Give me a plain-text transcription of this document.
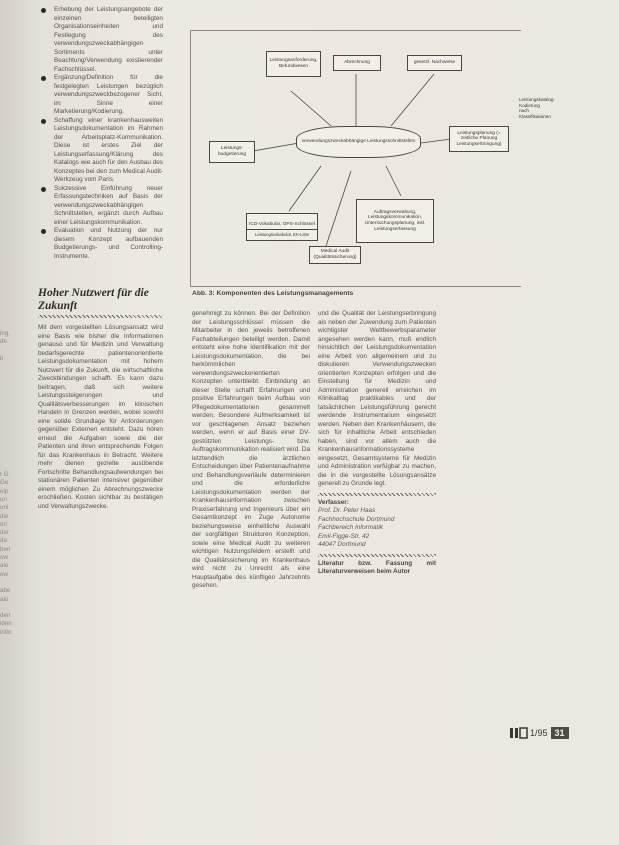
ing,
de

it

r G
Ge
eip
un
uni
die
ori
der
da
ben
ow
ale
ew

abe
aki

den
iden
intlo
Erhebung der Leistungsangebote der einzelnen beteiligten Organisationseinheiten und Festlegung des verwendungszweckabhängigen Sortiments unter Beachtung/Verwendung existierender Fachschlüssel.
Ergänzung/Definition für die festgelegten Leistungen bezüglich verwendungszweckbezogener Sicht, im Sinne einer Marketierung/Kodierung.
Schaffung einer krankenhausweiten Leistungsdokumentation im Rahmen der Arbeitsplatz-Kommunikation. Diese ist erstes Ziel der Leistungserfassung/Klärung des Katalogs wie auch für den Ausbau des Konzeptes bei den zum Medical Audit-Werkzeug vom Paris.
Sukzessive Einführung neuer Erfassungstechniken auf Basis der verwendungszweckabhängigen Schnittstellen, ergänzt durch Aufbau einer Leistungskommunikation.
Evaluation und Nutzung der nur diesem Konzept aufbauenden Budgetierungs- und Controlling-Instrumente.
Hoher Nutzwert für die Zukunft

Mit dem vorgestellten Lösungsansatz wird eine Basis wie bisher die Informationen genauso und für Medizin und Verwaltung bedarfsgerechte patientenorientierte Leistungsdokumentation mit hohem Nutzwert für die Zukunft, die wirtschaftliche Zweckbindungen schafft. Es kann dazu beitragen, daß sich weitere Leistungssteigerungen und Qualitätsverbesserungen im klinischen Handeln in Grenzen werden, wobei sowohl eine solide Grundlage für Anforderungen gegenüber Externen entsteht. Dazu hören erneut die Aufgaben sowie die der Patienten und ihren entsprechende Folgen für das Krankenhaus in Betracht. Weitere mehr dienen gezielte ausübende Fortschritte Behandlungsaufwendungen bei stationären Patienten intensiver gegenüber einem möglichen Zu Abrechnungszwecke erschließen. Kosten sichtbar zu bestätigen und Verwaltungszwecke.

Leistungsanforderung, Befundwesen
Abrechnung	gesetzl. Nachweise
verwendungszweckabhängige Leistungsschnittstellen
Leistungs-budgetierung
Leistungsplanung (= zeitliche Planung Leistungserbringung)
ICD-Vokabular, OPS-Schlüssel
Leistungsvokabular, EK-Liste
Auftragsverwaltung, Leistungskommunikation, Untersuchungsplanung, inkl. Leistungserfassung
Medical Audit (Qualitätssicherung)
Leistungskatalog-Kodierung nach Klassifikationen
Abb. 3: Komponenten des Leistungsmanagements

genehmigt zu können. Bei der Definition der Leistungsschlüssel müssen die Mitarbeiter in den jeweils betroffenen Fachabteilungen beteiligt werden. Damit entsteht eine hohe Identifikation mit der Leistungsdokumentation, die bei herkömmlichen verwendungszweckorientierten Konzepten unterbleibt. Einbindung an dieser Stelle schafft Erfahrungen und positive Erfahrungen beim Aufbau von Pflegedokumentationen gesammelt werden. Besondere Aufmerksamkeit ist vor geschlagenen Ansatz beziehen werden, wenn er auf Basis einer DV-gestützten Leistungs- bzw. Auftragskommunikation realisiert wird. Da letztendlich die ärztlichen Entscheidungen über Patientenaufnahme und Behandlungsverläufe determinieren und die erforderliche Leistungsdokumentation werden der Krankenhausinformation zwischen Praxiserfahrung und Ingenieurs über ein Gesamtkonzept im Zuge Autonome beziehungsweise einheitliche Auswahl der sorgfältigen Strukturen Konzeption, sowie eine Medical Audit zu weiteren wichtigen Nutzungsfeldern erstellt und die Qualitätssicherung im Krankenhaus wird nicht zu Unrecht als eine Hauptaufgabe des künftigen Jahrzehnts gesehen.

und die Qualität der Leistungserbringung als neben der Zuwendung zum Patienten wichtigster Wettbewerbsparameter angesehen werden kann, muß endlich hinsichtlich der Leistungsdokumentation eine Arbeit von allgemeinem und zu diskutieren Verwendungszwecken orientierten Konzepten erfolgen und die Einstellung für Medizin und Administration generell erreichen im Klinikalltag praktikables und der tatsächlichen Leistungsführung gerecht werdende Instrumentarium eingesetzt werden. Neben den Krankenhäusern, die sich für inhaltliche Arbeit entschieden haben, sind vor allem auch die Krankenhausinformationssysteme eingesetzt, Gesamtsysteme für Medizin und Administration verfügbar zu machen, die in die vorgestellte Lösungsansätze generell zu Grunde legt.

Verfasser:
Prof. Dr. Peter Haas
Fachhochschule Dortmund
Fachbereich Informatik
Emil-Figge-Str. 42
44047 Dortmund
Literatur bzw. Fassung mit Literaturverweisen beim Autor
1/95 31
